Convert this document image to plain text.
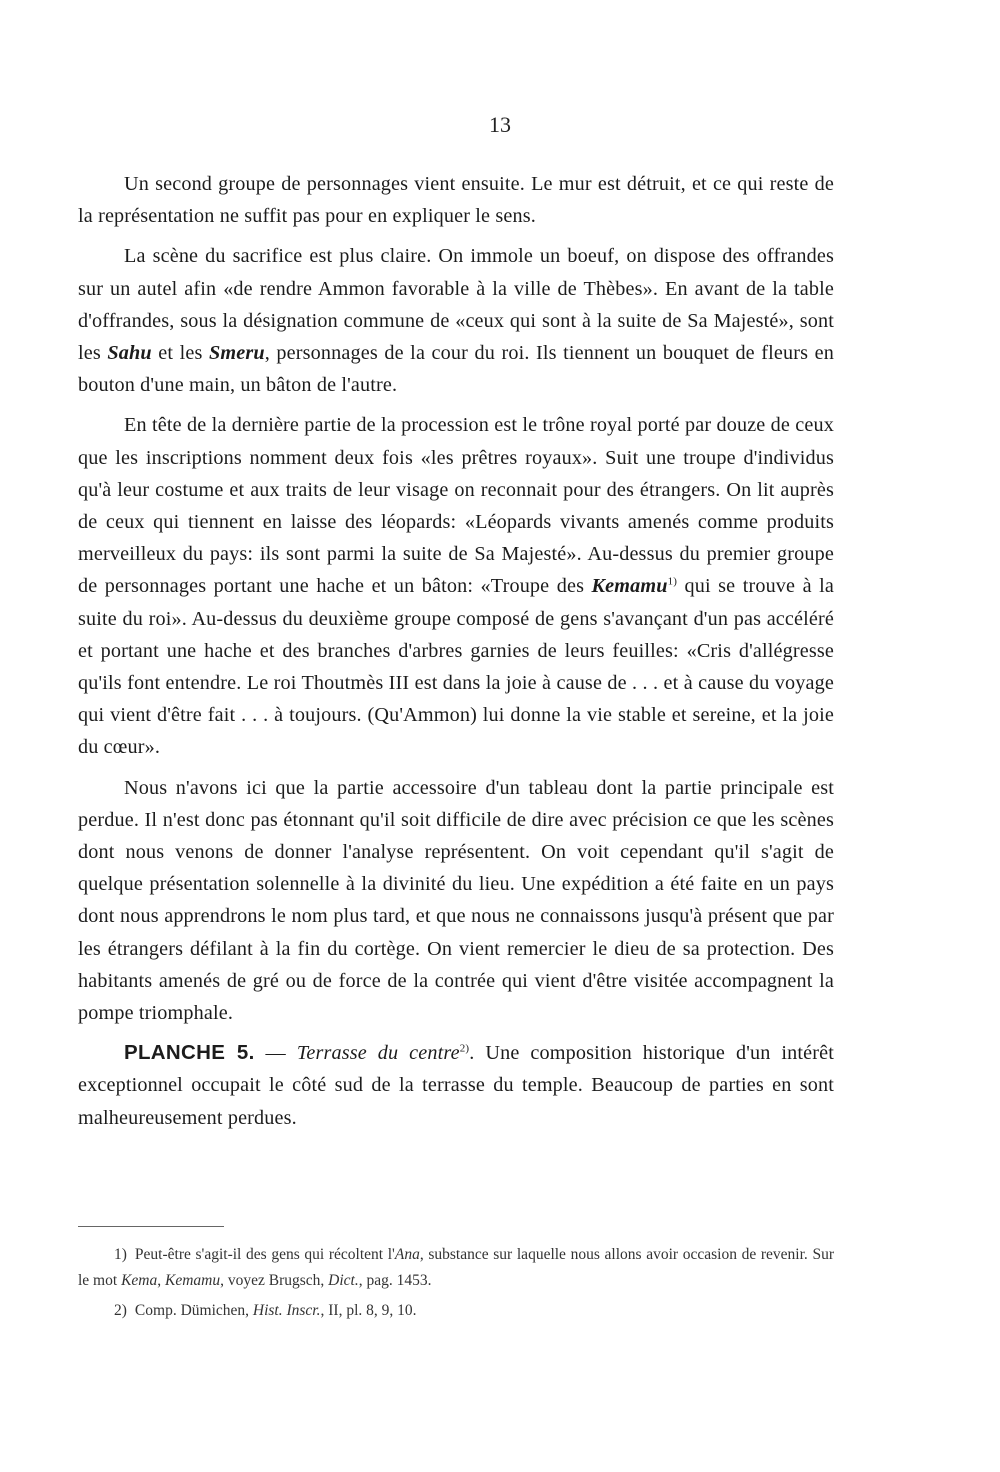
13

Un second groupe de personnages vient ensuite. Le mur est détruit, et ce qui reste de la représentation ne suffit pas pour en expliquer le sens.

La scène du sacrifice est plus claire. On immole un boeuf, on dispose des offrandes sur un autel afin «de rendre Ammon favorable à la ville de Thèbes». En avant de la table d'offrandes, sous la désignation commune de «ceux qui sont à la suite de Sa Majesté», sont les Sahu et les Smeru, personnages de la cour du roi. Ils tiennent un bouquet de fleurs en bouton d'une main, un bâton de l'autre.

En tête de la dernière partie de la procession est le trône royal porté par douze de ceux que les inscriptions nomment deux fois «les prêtres royaux». Suit une troupe d'individus qu'à leur costume et aux traits de leur visage on reconnait pour des étrangers. On lit auprès de ceux qui tiennent en laisse des léopards: «Léopards vivants amenés comme produits merveilleux du pays: ils sont parmi la suite de Sa Majesté». Au-dessus du premier groupe de personnages portant une hache et un bâton: «Troupe des Kemamu$^{1)}$ qui se trouve à la suite du roi». Au-dessus du deuxième groupe composé de gens s'avançant d'un pas accéléré et portant une hache et des branches d'arbres garnies de leurs feuilles: «Cris d'allégresse qu'ils font entendre. Le roi Thoutmès III est dans la joie à cause de . . . et à cause du voyage qui vient d'être fait . . . à toujours. (Qu'Ammon) lui donne la vie stable et sereine, et la joie du cœur».

Nous n'avons ici que la partie accessoire d'un tableau dont la partie principale est perdue. Il n'est donc pas étonnant qu'il soit difficile de dire avec précision ce que les scènes dont nous venons de donner l'analyse représentent. On voit cependant qu'il s'agit de quelque présentation solennelle à la divinité du lieu. Une expédition a été faite en un pays dont nous apprendrons le nom plus tard, et que nous ne connaissons jusqu'à présent que par les étrangers défilant à la fin du cortège. On vient remercier le dieu de sa protection. Des habitants amenés de gré ou de force de la contrée qui vient d'être visitée accompagnent la pompe triomphale.

PLANCHE 5. — Terrasse du centre$^{2)}$. Une composition historique d'un intérêt exceptionnel occupait le côté sud de la terrasse du temple. Beaucoup de parties en sont malheureusement perdues.

1) Peut-être s'agit-il des gens qui récoltent l'Ana, substance sur laquelle nous allons avoir occasion de revenir. Sur le mot Kema, Kemamu, voyez Brugsch, Dict., pag. 1453.

2) Comp. Dümichen, Hist. Inscr., II, pl. 8, 9, 10.
